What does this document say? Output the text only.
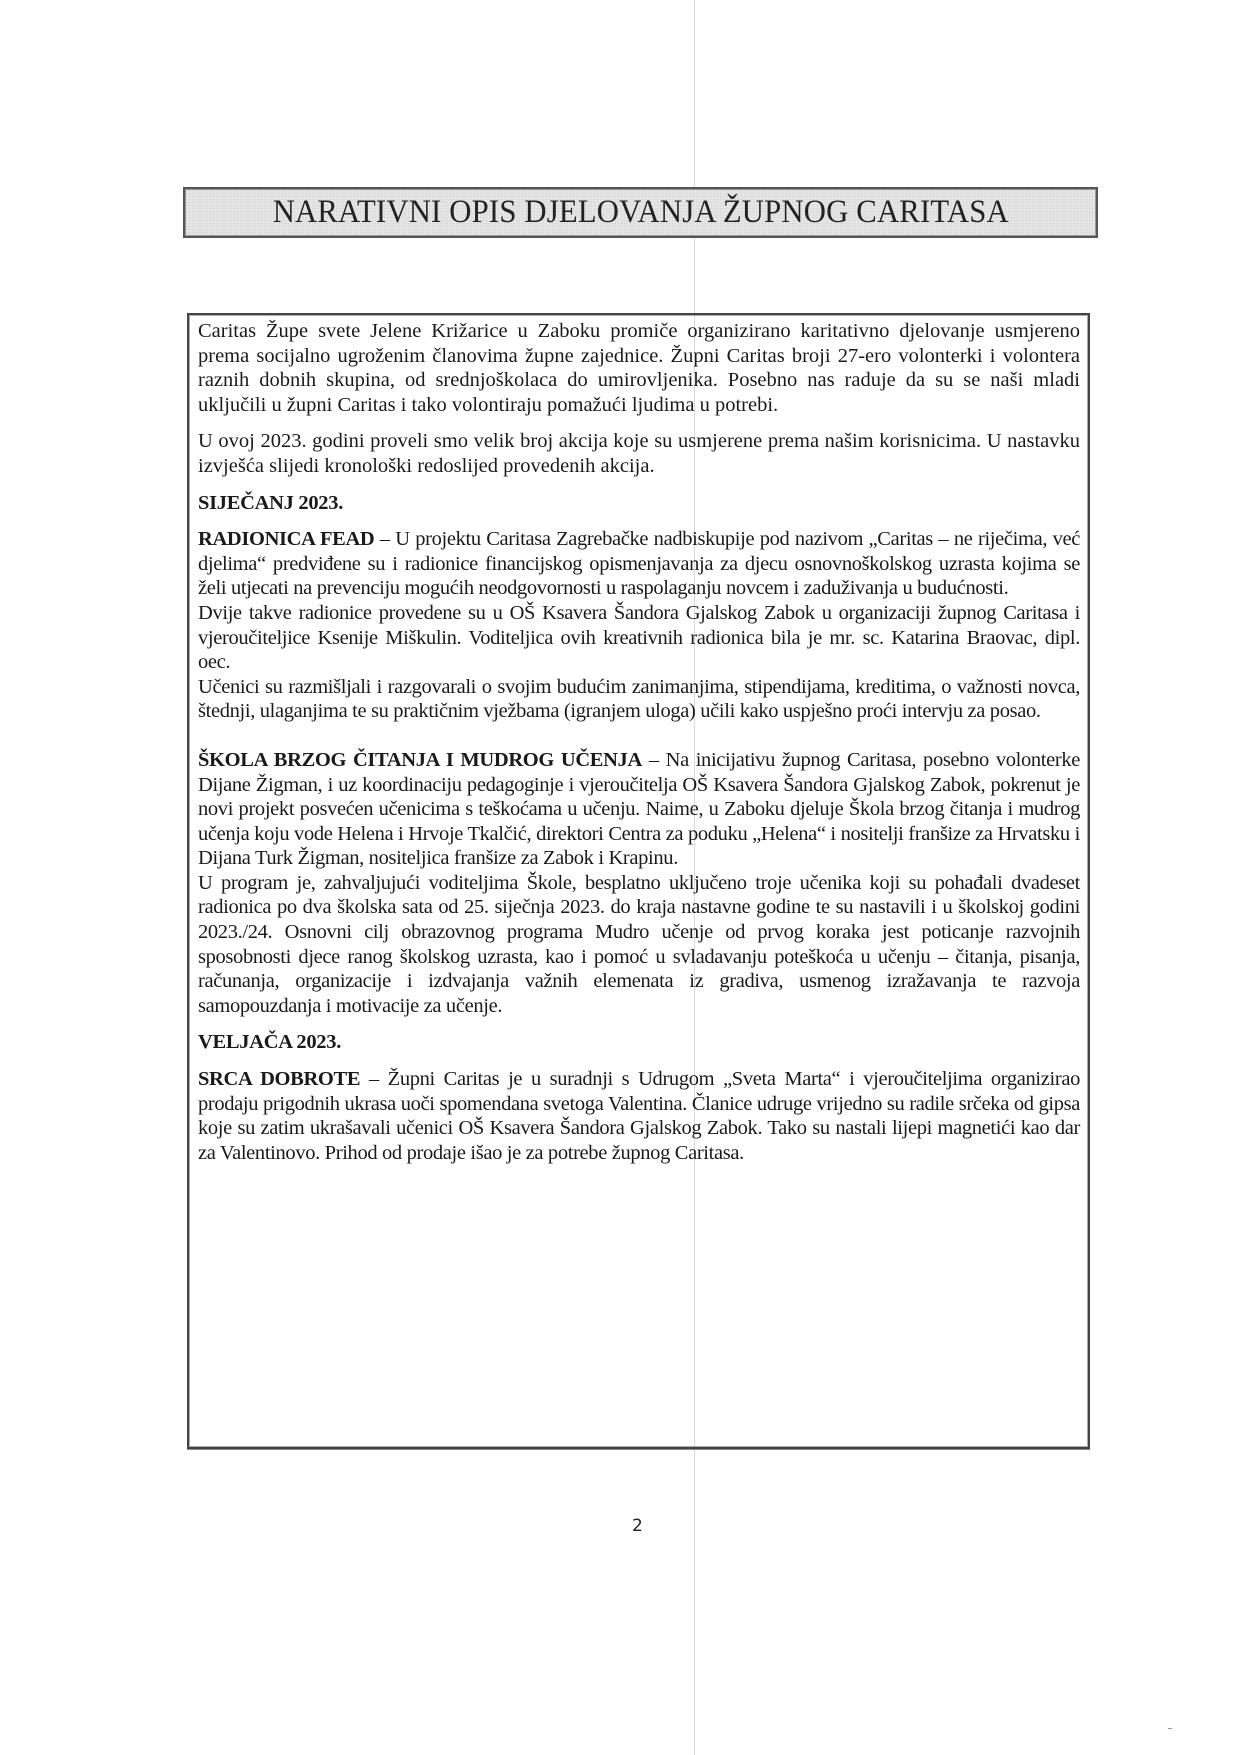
NARATIVNI OPIS DJELOVANJA ŽUPNOG CARITASA

Caritas Župe svete Jelene Križarice u Zaboku promiče organizirano karitativno djelovanje usmjereno prema socijalno ugroženim članovima župne zajednice. Župni Caritas broji 27-ero volonterki i volontera raznih dobnih skupina, od srednjoškolaca do umirovljenika. Posebno nas raduje da su se naši mladi uključili u župni Caritas i tako volontiraju pomažući ljudima u potrebi.

U ovoj 2023. godini proveli smo velik broj akcija koje su usmjerene prema našim korisnicima. U nastavku izvješća slijedi kronološki redoslijed provedenih akcija.

SIJEČANJ 2023.

RADIONICA FEAD – U projektu Caritasa Zagrebačke nadbiskupije pod nazivom „Caritas – ne riječima, već djelima“ predviđene su i radionice financijskog opismenjavanja za djecu osnovnoškolskog uzrasta kojima se želi utjecati na prevenciju mogućih neodgovornosti u raspolaganju novcem i zaduživanja u budućnosti.

Dvije takve radionice provedene su u OŠ Ksavera Šandora Gjalskog Zabok u organizaciji župnog Caritasa i vjeroučiteljice Ksenije Miškulin. Voditeljica ovih kreativnih radionica bila je mr. sc. Katarina Braovac, dipl. oec.

Učenici su razmišljali i razgovarali o svojim budućim zanimanjima, stipendijama, kreditima, o važnosti novca, štednji, ulaganjima te su praktičnim vježbama (igranjem uloga) učili kako uspješno proći intervju za posao.

ŠKOLA BRZOG ČITANJA I MUDROG UČENJA – Na inicijativu župnog Caritasa, posebno volonterke Dijane Žigman, i uz koordinaciju pedagoginje i vjeroučitelja OŠ Ksavera Šandora Gjalskog Zabok, pokrenut je novi projekt posvećen učenicima s teškoćama u učenju. Naime, u Zaboku djeluje Škola brzog čitanja i mudrog učenja koju vode Helena i Hrvoje Tkalčić, direktori Centra za poduku „Helena“ i nositelji franšize za Hrvatsku i Dijana Turk Žigman, nositeljica franšize za Zabok i Krapinu.

U program je, zahvaljujući voditeljima Škole, besplatno uključeno troje učenika koji su pohađali dvadeset radionica po dva školska sata od 25. siječnja 2023. do kraja nastavne godine te su nastavili i u školskoj godini 2023./24. Osnovni cilj obrazovnog programa Mudro učenje od prvog koraka jest poticanje razvojnih sposobnosti djece ranog školskog uzrasta, kao i pomoć u svladavanju poteškoća u učenju – čitanja, pisanja, računanja, organizacije i izdvajanja važnih elemenata iz gradiva, usmenog izražavanja te razvoja samopouzdanja i motivacije za učenje.

VELJAČA 2023.

SRCA DOBROTE – Župni Caritas je u suradnji s Udrugom „Sveta Marta“ i vjeroučiteljima organizirao prodaju prigodnih ukrasa uoči spomendana svetoga Valentina. Članice udruge vrijedno su radile srčeka od gipsa koje su zatim ukrašavali učenici OŠ Ksavera Šandora Gjalskog Zabok. Tako su nastali lijepi magnetići kao dar za Valentinovo. Prihod od prodaje išao je za potrebe župnog Caritasa.

2
